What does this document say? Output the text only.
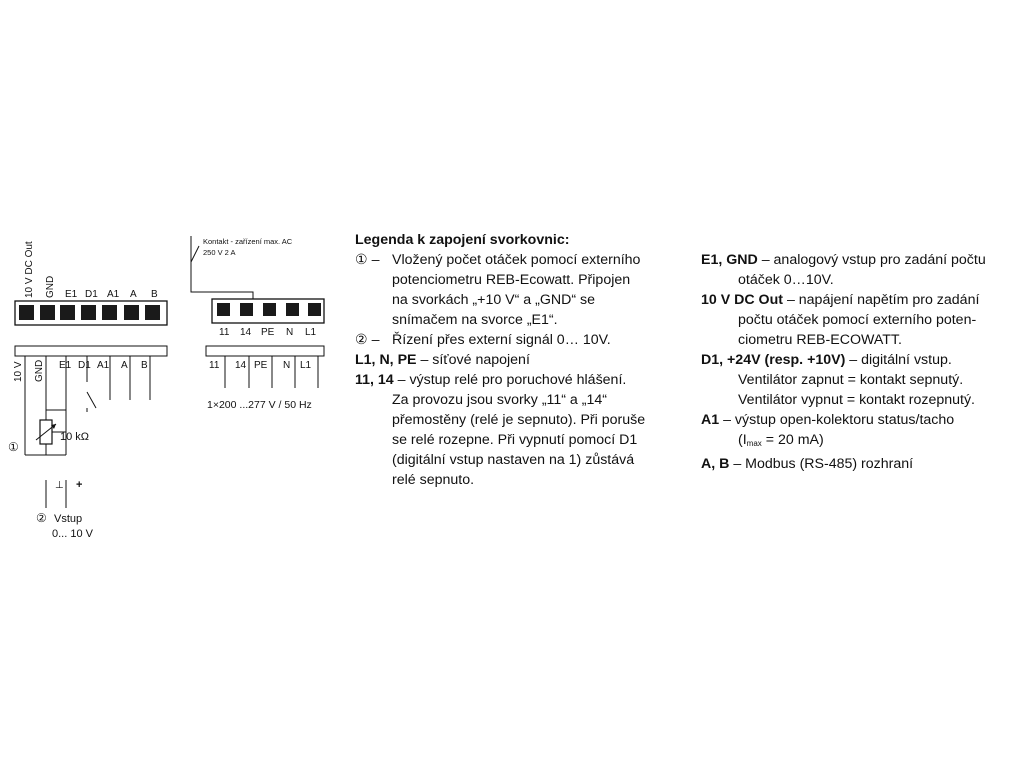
10 V DC Out GND E1 D1 A1 A B
10 kΩ
10 V GND E1 D1 A1 A B
①
⊥ +
② Vstup
0... 10 V
Kontakt - zařízení max. AC
250 V 2 A
11 14 PE N L1
11 14 PE N L1
1×200 ...277 V / 50 Hz
Legenda k zapojení svorkovnic:
① – Vložený počet otáček pomocí externího
potenciometru REB-Ecowatt. Připojen
na svorkách „+10 V“ a „GND“ se
snímačem na svorce „E1“.
② – Řízení přes externí signál 0… 10V.
L1, N, PE – síťové napojení
11, 14 – výstup relé pro poruchové hlášení.
Za provozu jsou svorky „11“ a „14“
přemostěny (relé je sepnuto). Při poruše
se relé rozepne. Při vypnutí pomocí D1
(digitální vstup nastaven na 1) zůstává
relé sepnuto.
E1, GND – analogový vstup pro zadání počtu
otáček 0…10V.
10 V DC Out – napájení napětím pro zadání
počtu otáček pomocí externího poten-
ciometru REB-ECOWATT.
D1, +24V (resp. +10V) – digitální vstup.
Ventilátor zapnut = kontakt sepnutý.
Ventilátor vypnut = kontakt rozepnutý.
A1 – výstup open-kolektoru status/tacho
($I_{max} = 20$ mA)
A, B – Modbus (RS-485) rozhraní
